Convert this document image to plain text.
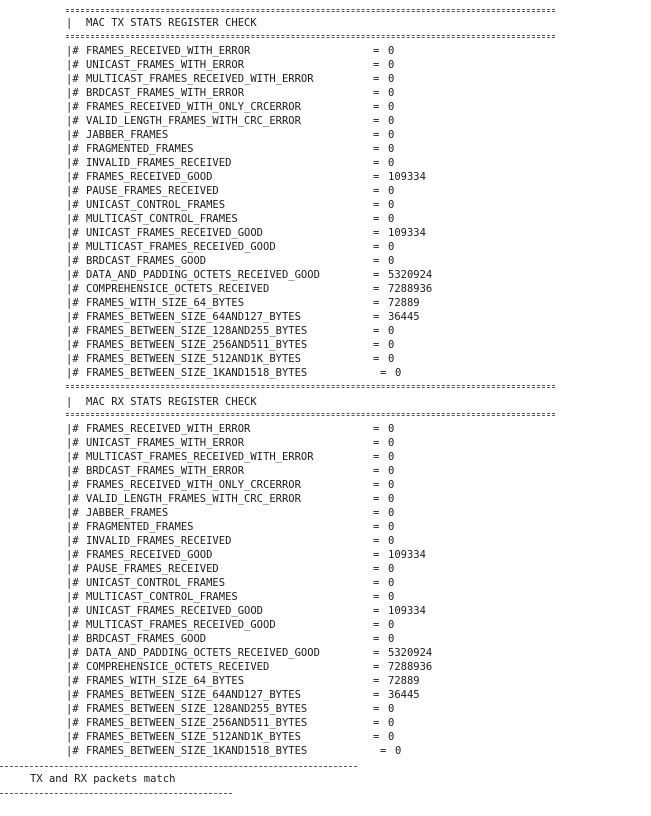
| MAC TX STATS REGISTER CHECK
|# FRAMES_RECEIVED_WITH_ERROR	= 0
|# UNICAST_FRAMES_WITH_ERROR	= 0
|# MULTICAST_FRAMES_RECEIVED_WITH_ERROR	= 0
|# BRDCAST_FRAMES_WITH_ERROR	= 0
|# FRAMES_RECEIVED_WITH_ONLY_CRCERROR	= 0
|# VALID_LENGTH_FRAMES_WITH_CRC_ERROR	= 0
|# JABBER_FRAMES	= 0
|# FRAGMENTED_FRAMES	= 0
|# INVALID_FRAMES_RECEIVED	= 0
|# FRAMES_RECEIVED_GOOD	= 109334
|# PAUSE_FRAMES_RECEIVED	= 0
|# UNICAST_CONTROL_FRAMES	= 0
|# MULTICAST_CONTROL_FRAMES	= 0
|# UNICAST_FRAMES_RECEIVED_GOOD	= 109334
|# MULTICAST_FRAMES_RECEIVED_GOOD	= 0
|# BRDCAST_FRAMES_GOOD	= 0
|# DATA_AND_PADDING_OCTETS_RECEIVED_GOOD	= 5320924
|# COMPREHENSICE_OCTETS_RECEIVED	= 7288936
|# FRAMES_WITH_SIZE_64_BYTES	= 72889
|# FRAMES_BETWEEN_SIZE_64AND127_BYTES	= 36445
|# FRAMES_BETWEEN_SIZE_128AND255_BYTES	= 0
|# FRAMES_BETWEEN_SIZE_256AND511_BYTES	= 0
|# FRAMES_BETWEEN_SIZE_512AND1K_BYTES	= 0
|# FRAMES_BETWEEN_SIZE_1KAND1518_BYTES	= 0
| MAC RX STATS REGISTER CHECK
|# FRAMES_RECEIVED_WITH_ERROR	= 0
|# UNICAST_FRAMES_WITH_ERROR	= 0
|# MULTICAST_FRAMES_RECEIVED_WITH_ERROR	= 0
|# BRDCAST_FRAMES_WITH_ERROR	= 0
|# FRAMES_RECEIVED_WITH_ONLY_CRCERROR	= 0
|# VALID_LENGTH_FRAMES_WITH_CRC_ERROR	= 0
|# JABBER_FRAMES	= 0
|# FRAGMENTED_FRAMES	= 0
|# INVALID_FRAMES_RECEIVED	= 0
|# FRAMES_RECEIVED_GOOD	= 109334
|# PAUSE_FRAMES_RECEIVED	= 0
|# UNICAST_CONTROL_FRAMES	= 0
|# MULTICAST_CONTROL_FRAMES	= 0
|# UNICAST_FRAMES_RECEIVED_GOOD	= 109334
|# MULTICAST_FRAMES_RECEIVED_GOOD	= 0
|# BRDCAST_FRAMES_GOOD	= 0
|# DATA_AND_PADDING_OCTETS_RECEIVED_GOOD	= 5320924
|# COMPREHENSICE_OCTETS_RECEIVED	= 7288936
|# FRAMES_WITH_SIZE_64_BYTES	= 72889
|# FRAMES_BETWEEN_SIZE_64AND127_BYTES	= 36445
|# FRAMES_BETWEEN_SIZE_128AND255_BYTES	= 0
|# FRAMES_BETWEEN_SIZE_256AND511_BYTES	= 0
|# FRAMES_BETWEEN_SIZE_512AND1K_BYTES	= 0
|# FRAMES_BETWEEN_SIZE_1KAND1518_BYTES	= 0
TX and RX packets match
